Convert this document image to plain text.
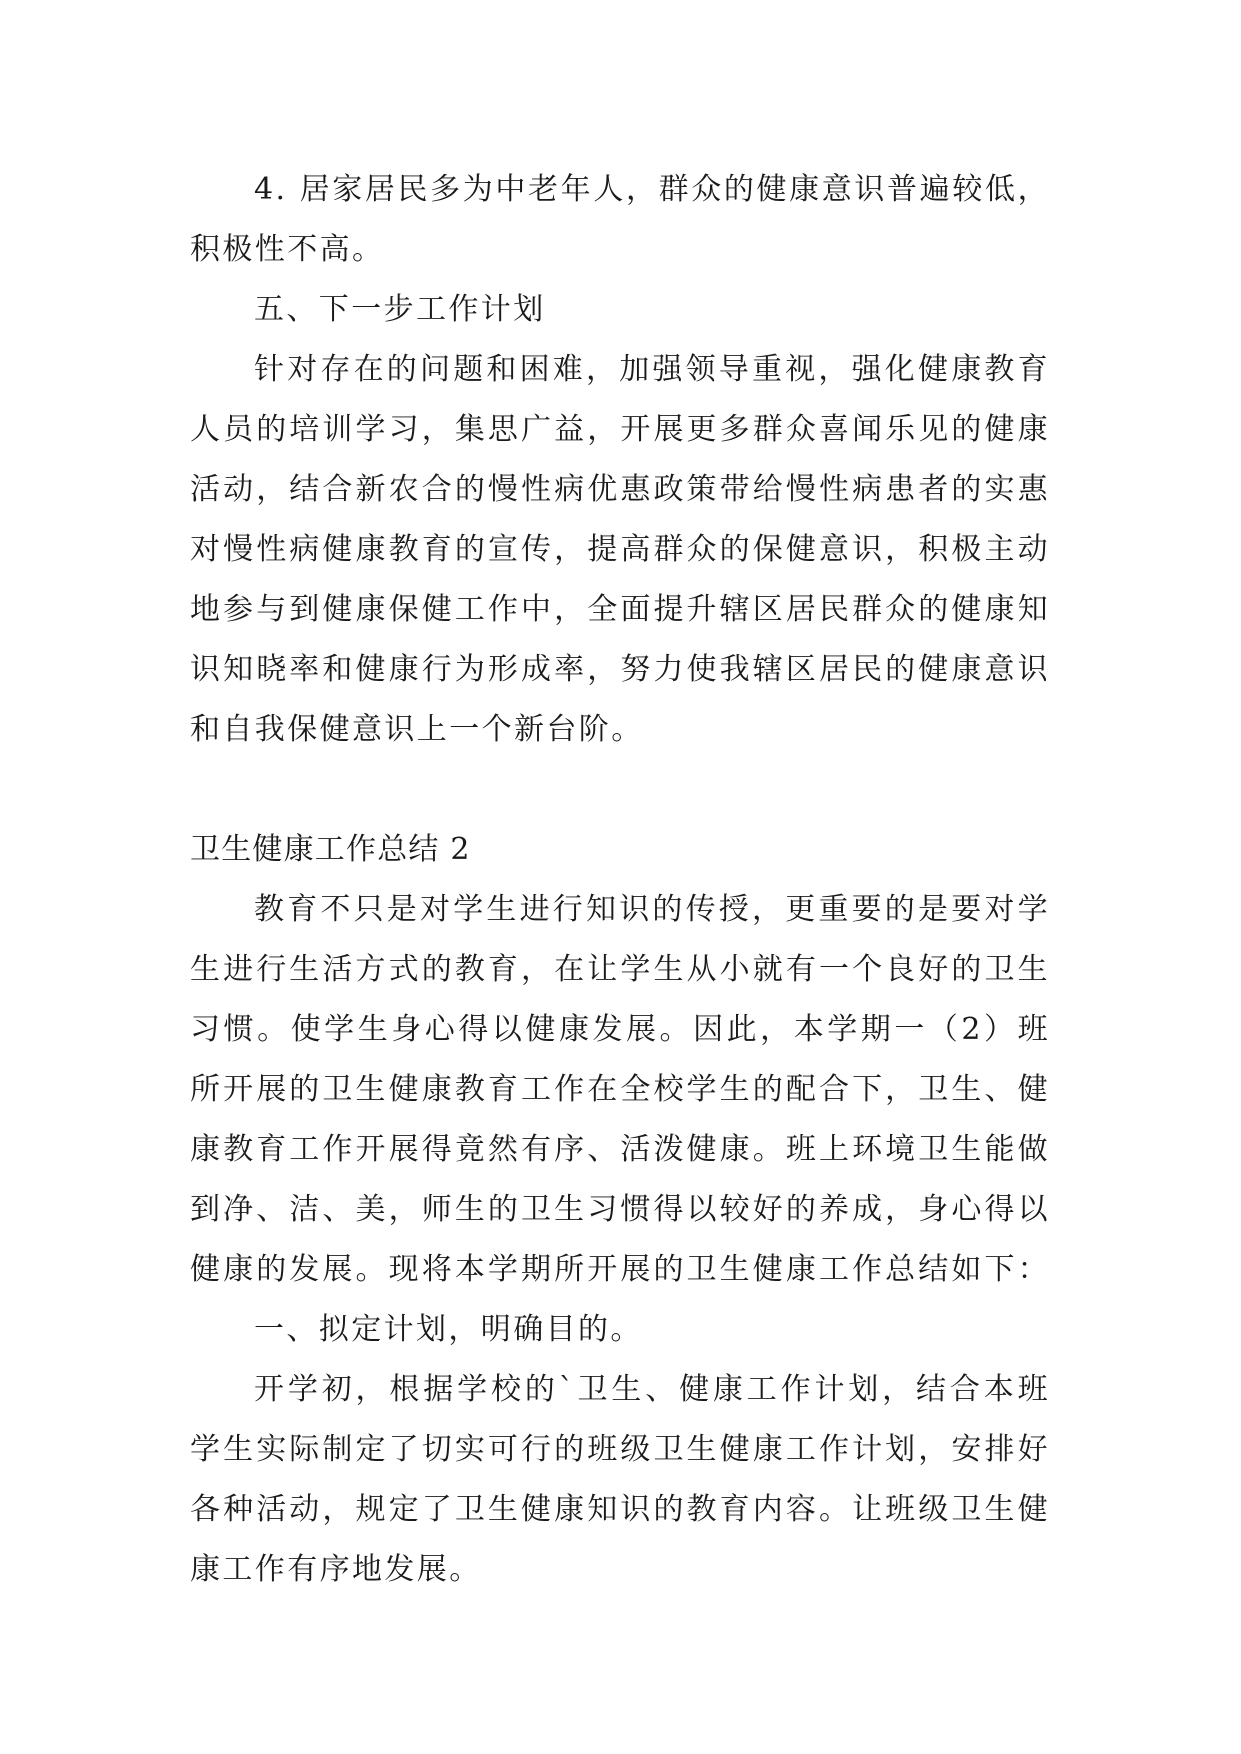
4. 居家居民多为中老年人，群众的健康意识普遍较低，
积极性不高。
五、下一步工作计划
针对存在的问题和困难，加强领导重视，强化健康教育
人员的培训学习，集思广益，开展更多群众喜闻乐见的健康
活动，结合新农合的慢性病优惠政策带给慢性病患者的实惠
对慢性病健康教育的宣传，提高群众的保健意识，积极主动
地参与到健康保健工作中，全面提升辖区居民群众的健康知
识知晓率和健康行为形成率，努力使我辖区居民的健康意识
和自我保健意识上一个新台阶。
卫生健康工作总结 2
教育不只是对学生进行知识的传授，更重要的是要对学
生进行生活方式的教育，在让学生从小就有一个良好的卫生
习惯。使学生身心得以健康发展。因此，本学期一（2）班
所开展的卫生健康教育工作在全校学生的配合下，卫生、健
康教育工作开展得竟然有序、活泼健康。班上环境卫生能做
到净、洁、美，师生的卫生习惯得以较好的养成，身心得以
健康的发展。现将本学期所开展的卫生健康工作总结如下：
一、拟定计划，明确目的。
开学初，根据学校的`卫生、健康工作计划，结合本班
学生实际制定了切实可行的班级卫生健康工作计划，安排好
各种活动，规定了卫生健康知识的教育内容。让班级卫生健
康工作有序地发展。
